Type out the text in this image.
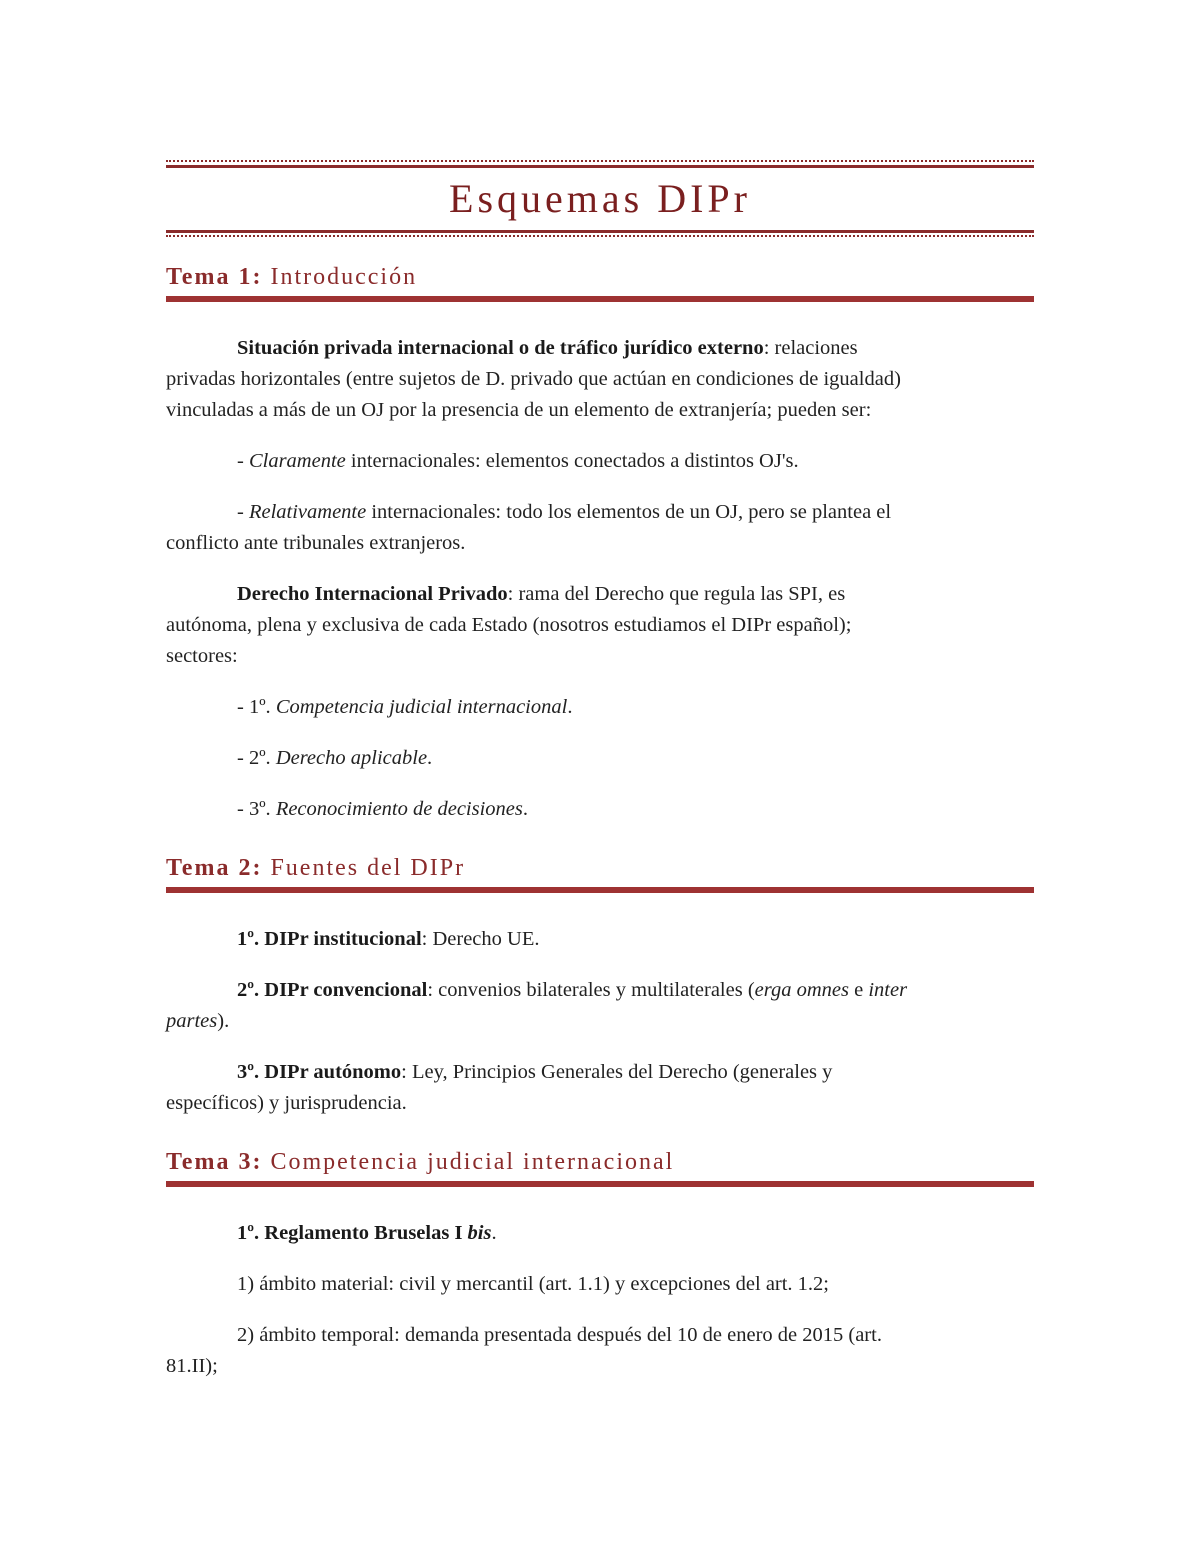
Esquemas DIPr
Tema 1: Introducción

Situación privada internacional o de tráfico jurídico externo: relaciones
privadas horizontales (entre sujetos de D. privado que actúan en condiciones de igualdad)
vinculadas a más de un OJ por la presencia de un elemento de extranjería; pueden ser:

- Claramente internacionales: elementos conectados a distintos OJ's.

- Relativamente internacionales: todo los elementos de un OJ, pero se plantea el
conflicto ante tribunales extranjeros.

Derecho Internacional Privado: rama del Derecho que regula las SPI, es
autónoma, plena y exclusiva de cada Estado (nosotros estudiamos el DIPr español);
sectores:

- 1º. Competencia judicial internacional.

- 2º. Derecho aplicable.

- 3º. Reconocimiento de decisiones.

Tema 2: Fuentes del DIPr

1º. DIPr institucional: Derecho UE.

2º. DIPr convencional: convenios bilaterales y multilaterales (erga omnes e inter
partes).

3º. DIPr autónomo: Ley, Principios Generales del Derecho (generales y
específicos) y jurisprudencia.

Tema 3: Competencia judicial internacional

1º. Reglamento Bruselas I bis.

1) ámbito material: civil y mercantil (art. 1.1) y excepciones del art. 1.2;

2) ámbito temporal: demanda presentada después del 10 de enero de 2015 (art.
81.II);
